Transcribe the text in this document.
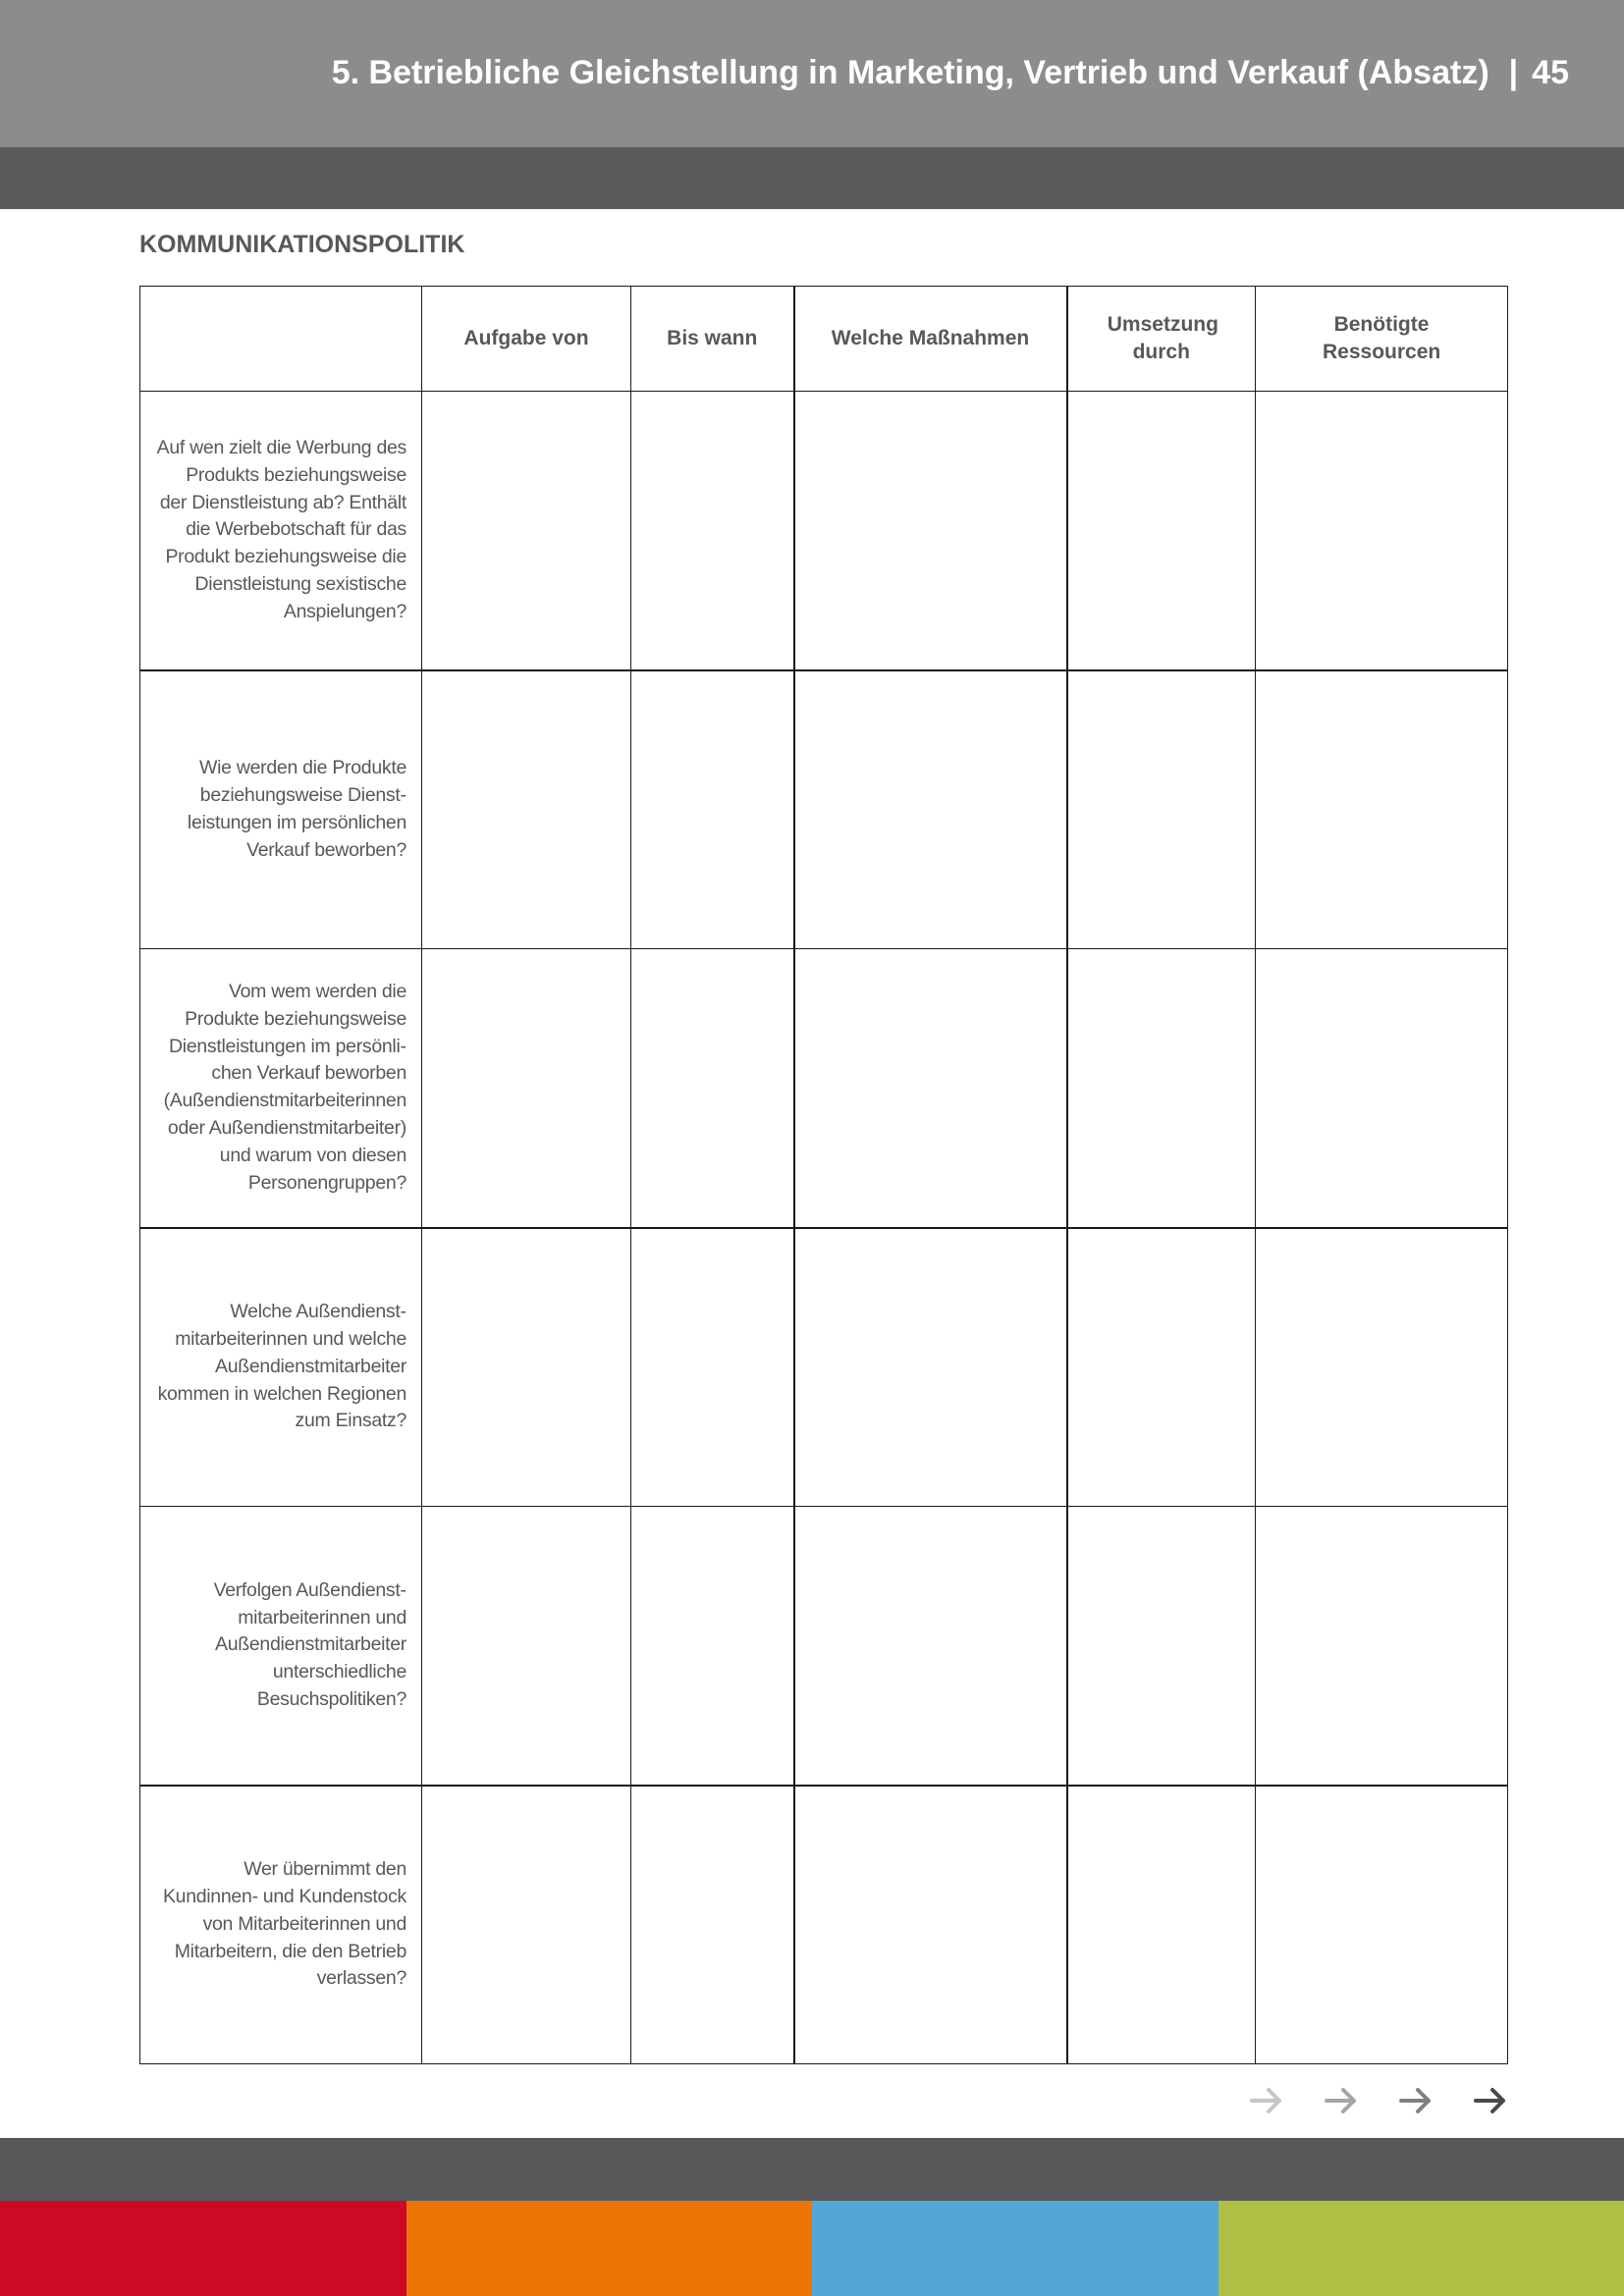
5. Betriebliche Gleichstellung in Marketing, Vertrieb und Verkauf (Absatz) | 45
KOMMUNIKATIONSPOLITIK
	Aufgabe von	Bis wann	Welche Maßnahmen	Umsetzung durch	Benötigte Ressourcen
Auf wen zielt die Werbung des Produkts beziehungsweise der Dienstleistung ab? Enthält die Werbebotschaft für das Produkt beziehungsweise die Dienstleistung sexistische Anspielungen?					
Wie werden die Produkte beziehungsweise Dienstleistungen im persönlichen Verkauf beworben?					
Vom wem werden die Produkte beziehungsweise Dienstleistungen im persönlichen Verkauf beworben (Außendienstmitarbeiterinnen oder Außendienstmitarbeiter) und warum von diesen Personengruppen?					
Welche Außendienstmitarbeiterinnen und welche Außendienstmitarbeiter kommen in welchen Regionen zum Einsatz?					
Verfolgen Außendienstmitarbeiterinnen und Außendienstmitarbeiter unterschiedliche Besuchspolitiken?					
Wer übernimmt den Kundinnen- und Kundenstock von Mitarbeiterinnen und Mitarbeitern, die den Betrieb verlassen?					
